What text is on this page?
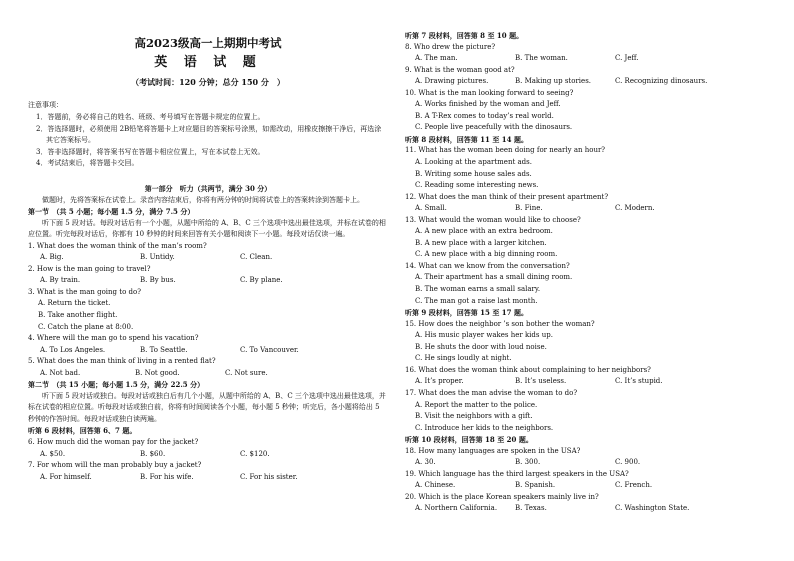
高2023级高一上期期中考试
英 语 试 题
（考试时间：120 分钟；总分 150 分　）
注意事项：
1．答题前，务必将自己的姓名、班级、考号填写在答题卡规定的位置上。
2．答选择题时，必须使用 2B铅笔将答题卡上对应题目的答案标号涂黑，如需改动，用橡皮擦擦干净后，再选涂其它答案标号。
3．答非选择题时，将答案书写在答题卡相应位置上，写在本试卷上无效。
4．考试结束后，将答题卡交回。
第一部分　听力（共两节，满分 30 分）
做题时，先将答案标在试卷上。录音内容结束后，你将有两分钟的时间将试卷上的答案转涂到答题卡上。
第一节　（共 5 小题；每小题 1.5 分，满分 7.5 分）
听下面 5 段对话。每段对话后有一个小题，从题中所给的 A、B、C 三个选项中选出最佳选项，并标在试卷的相应位置。听完每段对话后，你都有 10 秒钟的时间来回答有关小题和阅读下一小题。每段对话仅读一遍。
1. What does the woman think of the man’s room?
A. Big.	B. Untidy.	C. Clean.
2. How is the man going to travel?
A. By train.	B. By bus.	C. By plane.
3. What is the man going to do?
A. Return the ticket.
B. Take another flight.
C. Catch the plane at 8:00.
4. Where will the man go to spend his vacation?
A. To Los Angeles.	B. To Seattle.	C. To Vancouver.
5. What does the man think of living in a rented flat?
A. Not bad.	B. Not good.	C. Not sure.
第二节　（共 15 小题；每小题 1.5 分，满分 22.5 分）
听下面 5 段对话或独白。每段对话或独白后有几个小题，从题中所给的 A、B、C 三个选项中选出最佳选项，并标在试卷的相应位置。听每段对话或独白前，你将有时间阅读各个小题，每小题 5 秒钟；听完后，各小题将给出 5 秒钟的作答时间。每段对话或独白读两遍。
听第 6 段材料，回答第 6、7 题。
6. How much did the woman pay for the jacket?
A. $50.	B. $60.	C. $120.
7. For whom will the man probably buy a jacket?
A. For himself.	B. For his wife.	C. For his sister.
听第 7 段材料，回答第 8 至 10 题。
8. Who drew the picture?
A. The man.	B. The woman.	C. Jeff.
9. What is the woman good at?
A. Drawing pictures.	B. Making up stories.	C. Recognizing dinosaurs.
10. What is the man looking forward to seeing?
A. Works finished by the woman and Jeff.
B. A T-Rex comes to today’s real world.
C. People live peacefully with the dinosaurs.
听第 8 段材料，回答第 11 至 14 题。
11. What has the woman been doing for nearly an hour?
A. Looking at the apartment ads.
B. Writing some house sales ads.
C. Reading some interesting news.
12. What does the man think of their present apartment?
A. Small.	B. Fine.	C. Modern.
13. What would the woman would like to choose?
A. A new place with an extra bedroom.
B. A new place with a larger kitchen.
C. A new place with a big dinning room.
14. What can we know from the conversation?
A. Their apartment has a small dining room.
B. The woman earns a small salary.
C. The man got a raise last month.
听第 9 段材料，回答第 15 至 17 题。
15. How does the neighbor ’s son bother the woman?
A. His music player wakes her kids up.
B. He shuts the door with loud noise.
C. He sings loudly at night.
16. What does the woman think about complaining to her neighbors?
A. It’s proper.	B. It’s useless.	C. It’s stupid.
17. What does the man advise the woman to do?
A. Report the matter to the police.
B. Visit the neighbors with a gift.
C. Introduce her kids to the neighbors.
听第 10 段材料，回答第 18 至 20 题。
18. How many languages are spoken in the USA?
A. 30.	B. 300.	C. 900.
19. Which language has the third largest speakers in the USA?
A. Chinese.	B. Spanish.	C. French.
20. Which is the place Korean speakers mainly live in?
A. Northern California.	B. Texas.	C. Washington State.
